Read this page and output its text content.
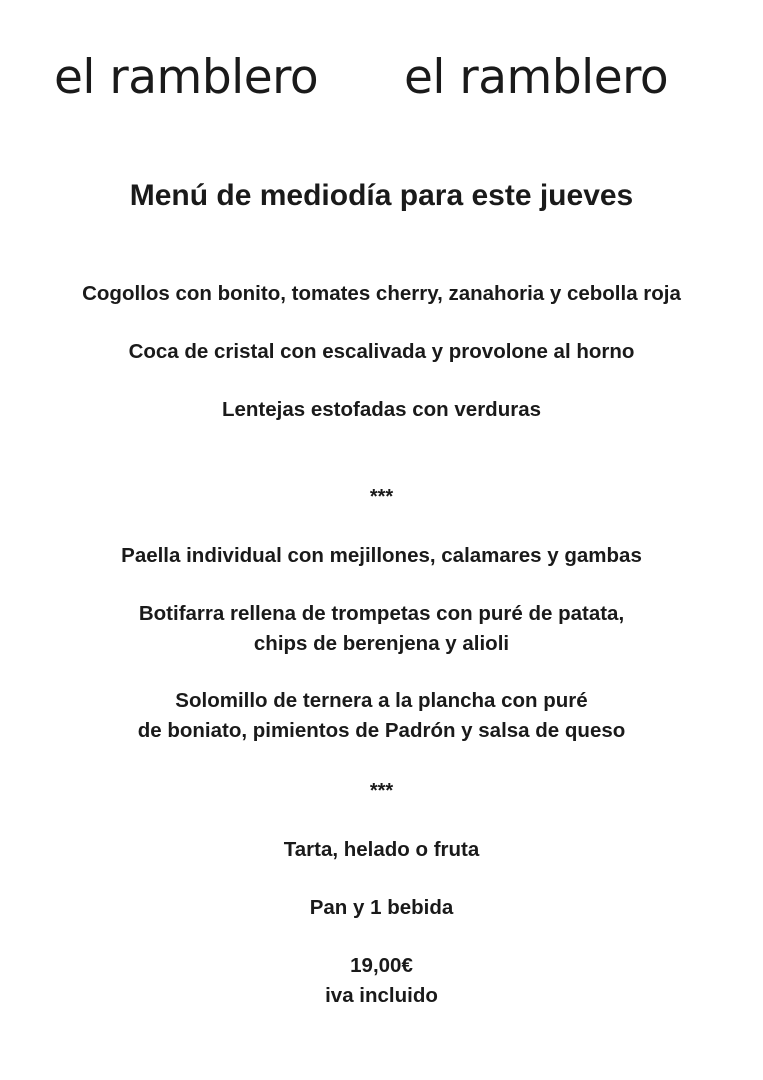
el ramblero el ramblero
Menú de mediodía para este jueves
Cogollos con bonito, tomates cherry, zanahoria y cebolla roja
Coca de cristal con escalivada y provolone al horno
Lentejas estofadas con verduras
***
Paella individual con mejillones, calamares y gambas
Botifarra rellena de trompetas con puré de patata,
chips de berenjena y alioli
Solomillo de ternera a la plancha con puré
de boniato, pimientos de Padrón y salsa de queso
***
Tarta, helado o fruta
Pan y 1 bebida
19,00€
iva incluido
